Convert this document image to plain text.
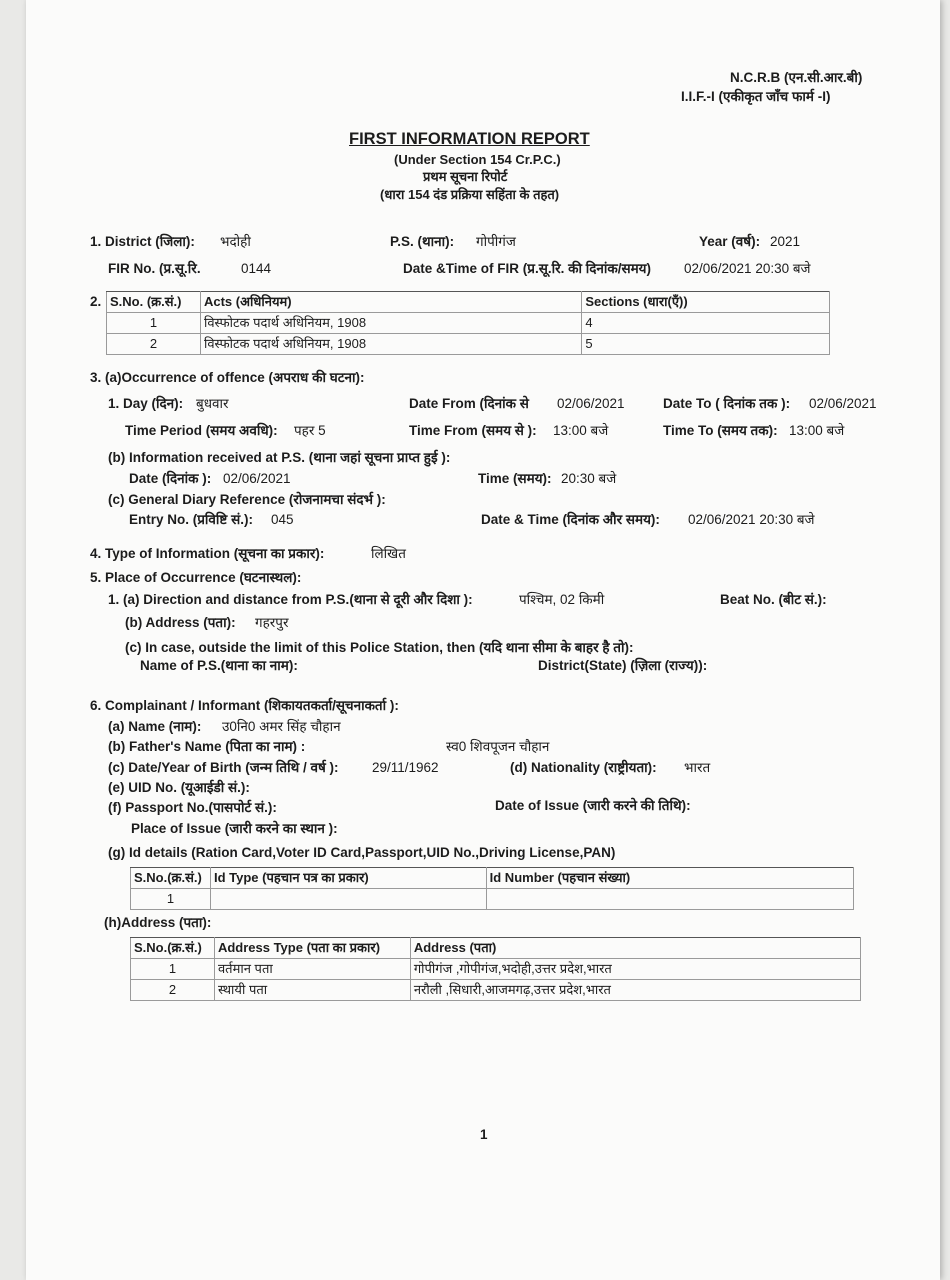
N.C.R.B (एन.सी.आर.बी)
I.I.F.-I (एकीकृत जाँच फार्म -I)
FIRST INFORMATION REPORT
(Under Section 154 Cr.P.C.)
प्रथम सूचना रिपोर्ट
(धारा 154 दंड प्रक्रिया सहिंता के तहत)
1. District (जिला): भदोही	P.S. (थाना): गोपीगंज	Year (वर्ष): 2021
FIR No. (प्र.सू.रि.	0144	Date &Time of FIR (प्र.सू.रि. की दिनांक/समय) 02/06/2021 20:30 बजे
2. S.No. (क्र.सं.)	Acts (अधिनियम)	Sections (धारा(एँ))
1	विस्फोटक पदार्थ अधिनियम, 1908	4
2	विस्फोटक पदार्थ अधिनियम, 1908	5
3. (a)Occurrence of offence (अपराध की घटना):
1. Day (दिन): बुधवार	Date From (दिनांक से 02/06/2021	Date To ( दिनांक तक ): 02/06/2021
Time Period (समय अवधि): पहर 5	Time From (समय से ): 13:00 बजे	Time To (समय तक): 13:00 बजे
(b) Information received at P.S. (थाना जहां सूचना प्राप्त हुई ):
Date (दिनांक ): 02/06/2021	Time (समय): 20:30 बजे
(c) General Diary Reference (रोजनामचा संदर्भ ):
Entry No. (प्रविष्टि सं.): 045	Date & Time (दिनांक और समय): 02/06/2021 20:30 बजे
4. Type of Information (सूचना का प्रकार):	लिखित
5. Place of Occurrence (घटनास्थल):
1. (a) Direction and distance from P.S.(थाना से दूरी और दिशा ):	पश्चिम, 02 किमी	Beat No. (बीट सं.):
(b) Address (पता): गहरपुर
(c) In case, outside the limit of this Police Station, then (यदि थाना सीमा के बाहर है तो):
Name of P.S.(थाना का नाम):	District(State) (ज़िला (राज्य)):
6. Complainant / Informant (शिकायतकर्ता/सूचनाकर्ता ):
(a) Name (नाम): उ0नि0 अमर सिंह चौहान
(b) Father's Name (पिता का नाम) :	स्व0 शिवपूजन चौहान
(c) Date/Year of Birth (जन्म तिथि / वर्ष ): 29/11/1962	(d) Nationality (राष्ट्रीयता): भारत
(e) UID No. (यूआईडी सं.):
(f) Passport No.(पासपोर्ट सं.):	Date of Issue (जारी करने की तिथि):
Place of Issue (जारी करने का स्थान ):
(g) Id details (Ration Card,Voter ID Card,Passport,UID No.,Driving License,PAN)
S.No.(क्र.सं.)	Id Type (पहचान पत्र का प्रकार)	Id Number (पहचान संख्या)
1		
(h)Address (पता):
S.No.(क्र.सं.)	Address Type (पता का प्रकार)	Address (पता)
1	वर्तमान पता	गोपीगंज ,गोपीगंज,भदोही,उत्तर प्रदेश,भारत
2	स्थायी पता	नरौली ,सिधारी,आजमगढ़,उत्तर प्रदेश,भारत
1
